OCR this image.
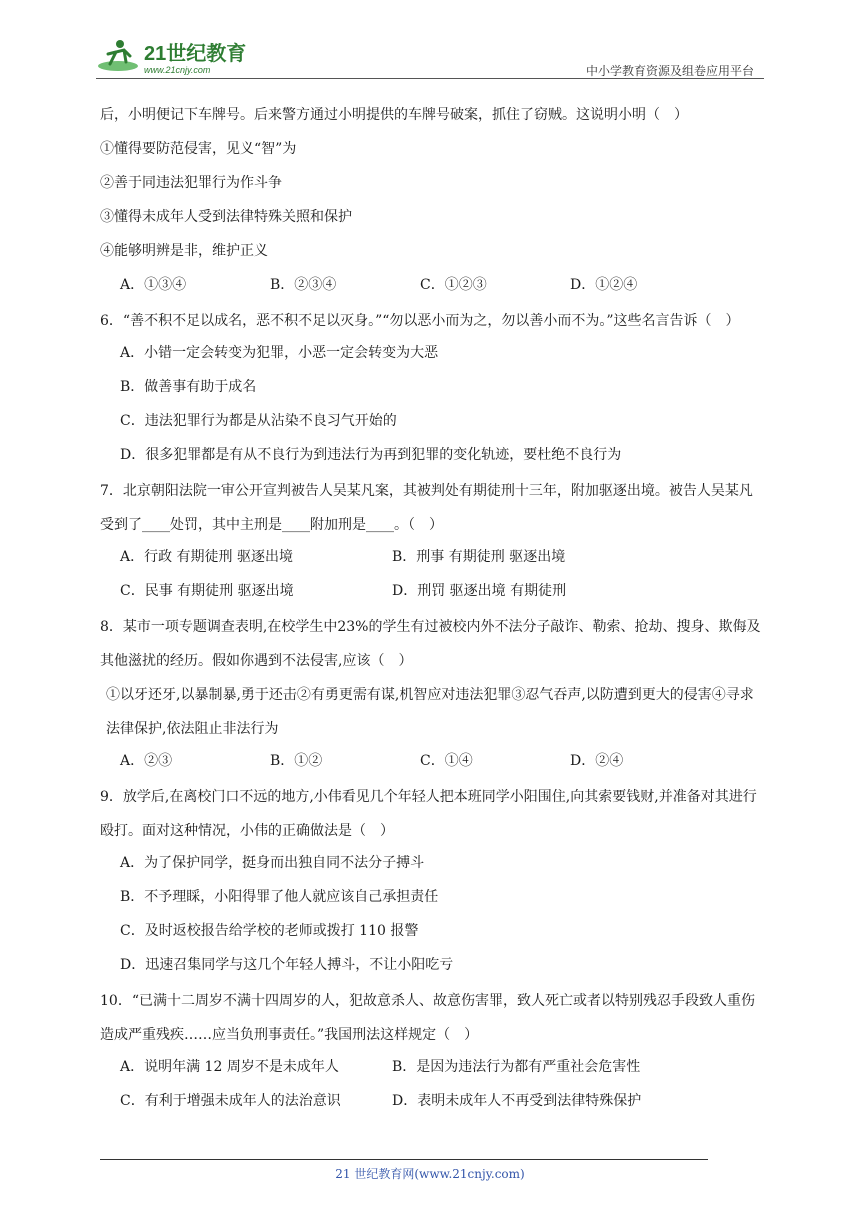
21世纪教育
www.21cnjy.com	中小学教育资源及组卷应用平台
后，小明便记下车牌号。后来警方通过小明提供的车牌号破案，抓住了窃贼。这说明小明（　）
①懂得要防范侵害，见义“智”为
②善于同违法犯罪行为作斗争
③懂得未成年人受到法律特殊关照和保护
④能够明辨是非，维护正义
A．①③④	B．②③④	C．①②③	D．①②④
6．“善不积不足以成名，恶不积不足以灭身。”“勿以恶小而为之，勿以善小而不为。”这些名言告诉（　）
A．小错一定会转变为犯罪，小恶一定会转变为大恶
B．做善事有助于成名
C．违法犯罪行为都是从沾染不良习气开始的
D．很多犯罪都是有从不良行为到违法行为再到犯罪的变化轨迹，要杜绝不良行为
7．北京朝阳法院一审公开宣判被告人吴某凡案，其被判处有期徒刑十三年，附加驱逐出境。被告人吴某凡受到了____处罚，其中主刑是____附加刑是____。（　）
A．行政 有期徒刑 驱逐出境	B．刑事 有期徒刑 驱逐出境
C．民事 有期徒刑 驱逐出境	D．刑罚 驱逐出境 有期徒刑
8．某市一项专题调查表明,在校学生中23%的学生有过被校内外不法分子敲诈、勒索、抢劫、搜身、欺侮及其他滋扰的经历。假如你遇到不法侵害,应该（　）
①以牙还牙,以暴制暴,勇于还击②有勇更需有谋,机智应对违法犯罪③忍气吞声,以防遭到更大的侵害④寻求法律保护,依法阻止非法行为
A．②③	B．①②	C．①④	D．②④
9．放学后,在离校门口不远的地方,小伟看见几个年轻人把本班同学小阳围住,向其索要钱财,并准备对其进行殴打。面对这种情况，小伟的正确做法是（　）
A．为了保护同学，挺身而出独自同不法分子搏斗
B．不予理睬，小阳得罪了他人就应该自己承担责任
C．及时返校报告给学校的老师或拨打 110 报警
D．迅速召集同学与这几个年轻人搏斗，不让小阳吃亏
10．“已满十二周岁不满十四周岁的人，犯故意杀人、故意伤害罪，致人死亡或者以特别残忍手段致人重伤造成严重残疾……应当负刑事责任。”我国刑法这样规定（　）
A．说明年满 12 周岁不是未成年人	B．是因为违法行为都有严重社会危害性
C．有利于增强未成年人的法治意识	D．表明未成年人不再受到法律特殊保护
21 世纪教育网(www.21cnjy.com)
